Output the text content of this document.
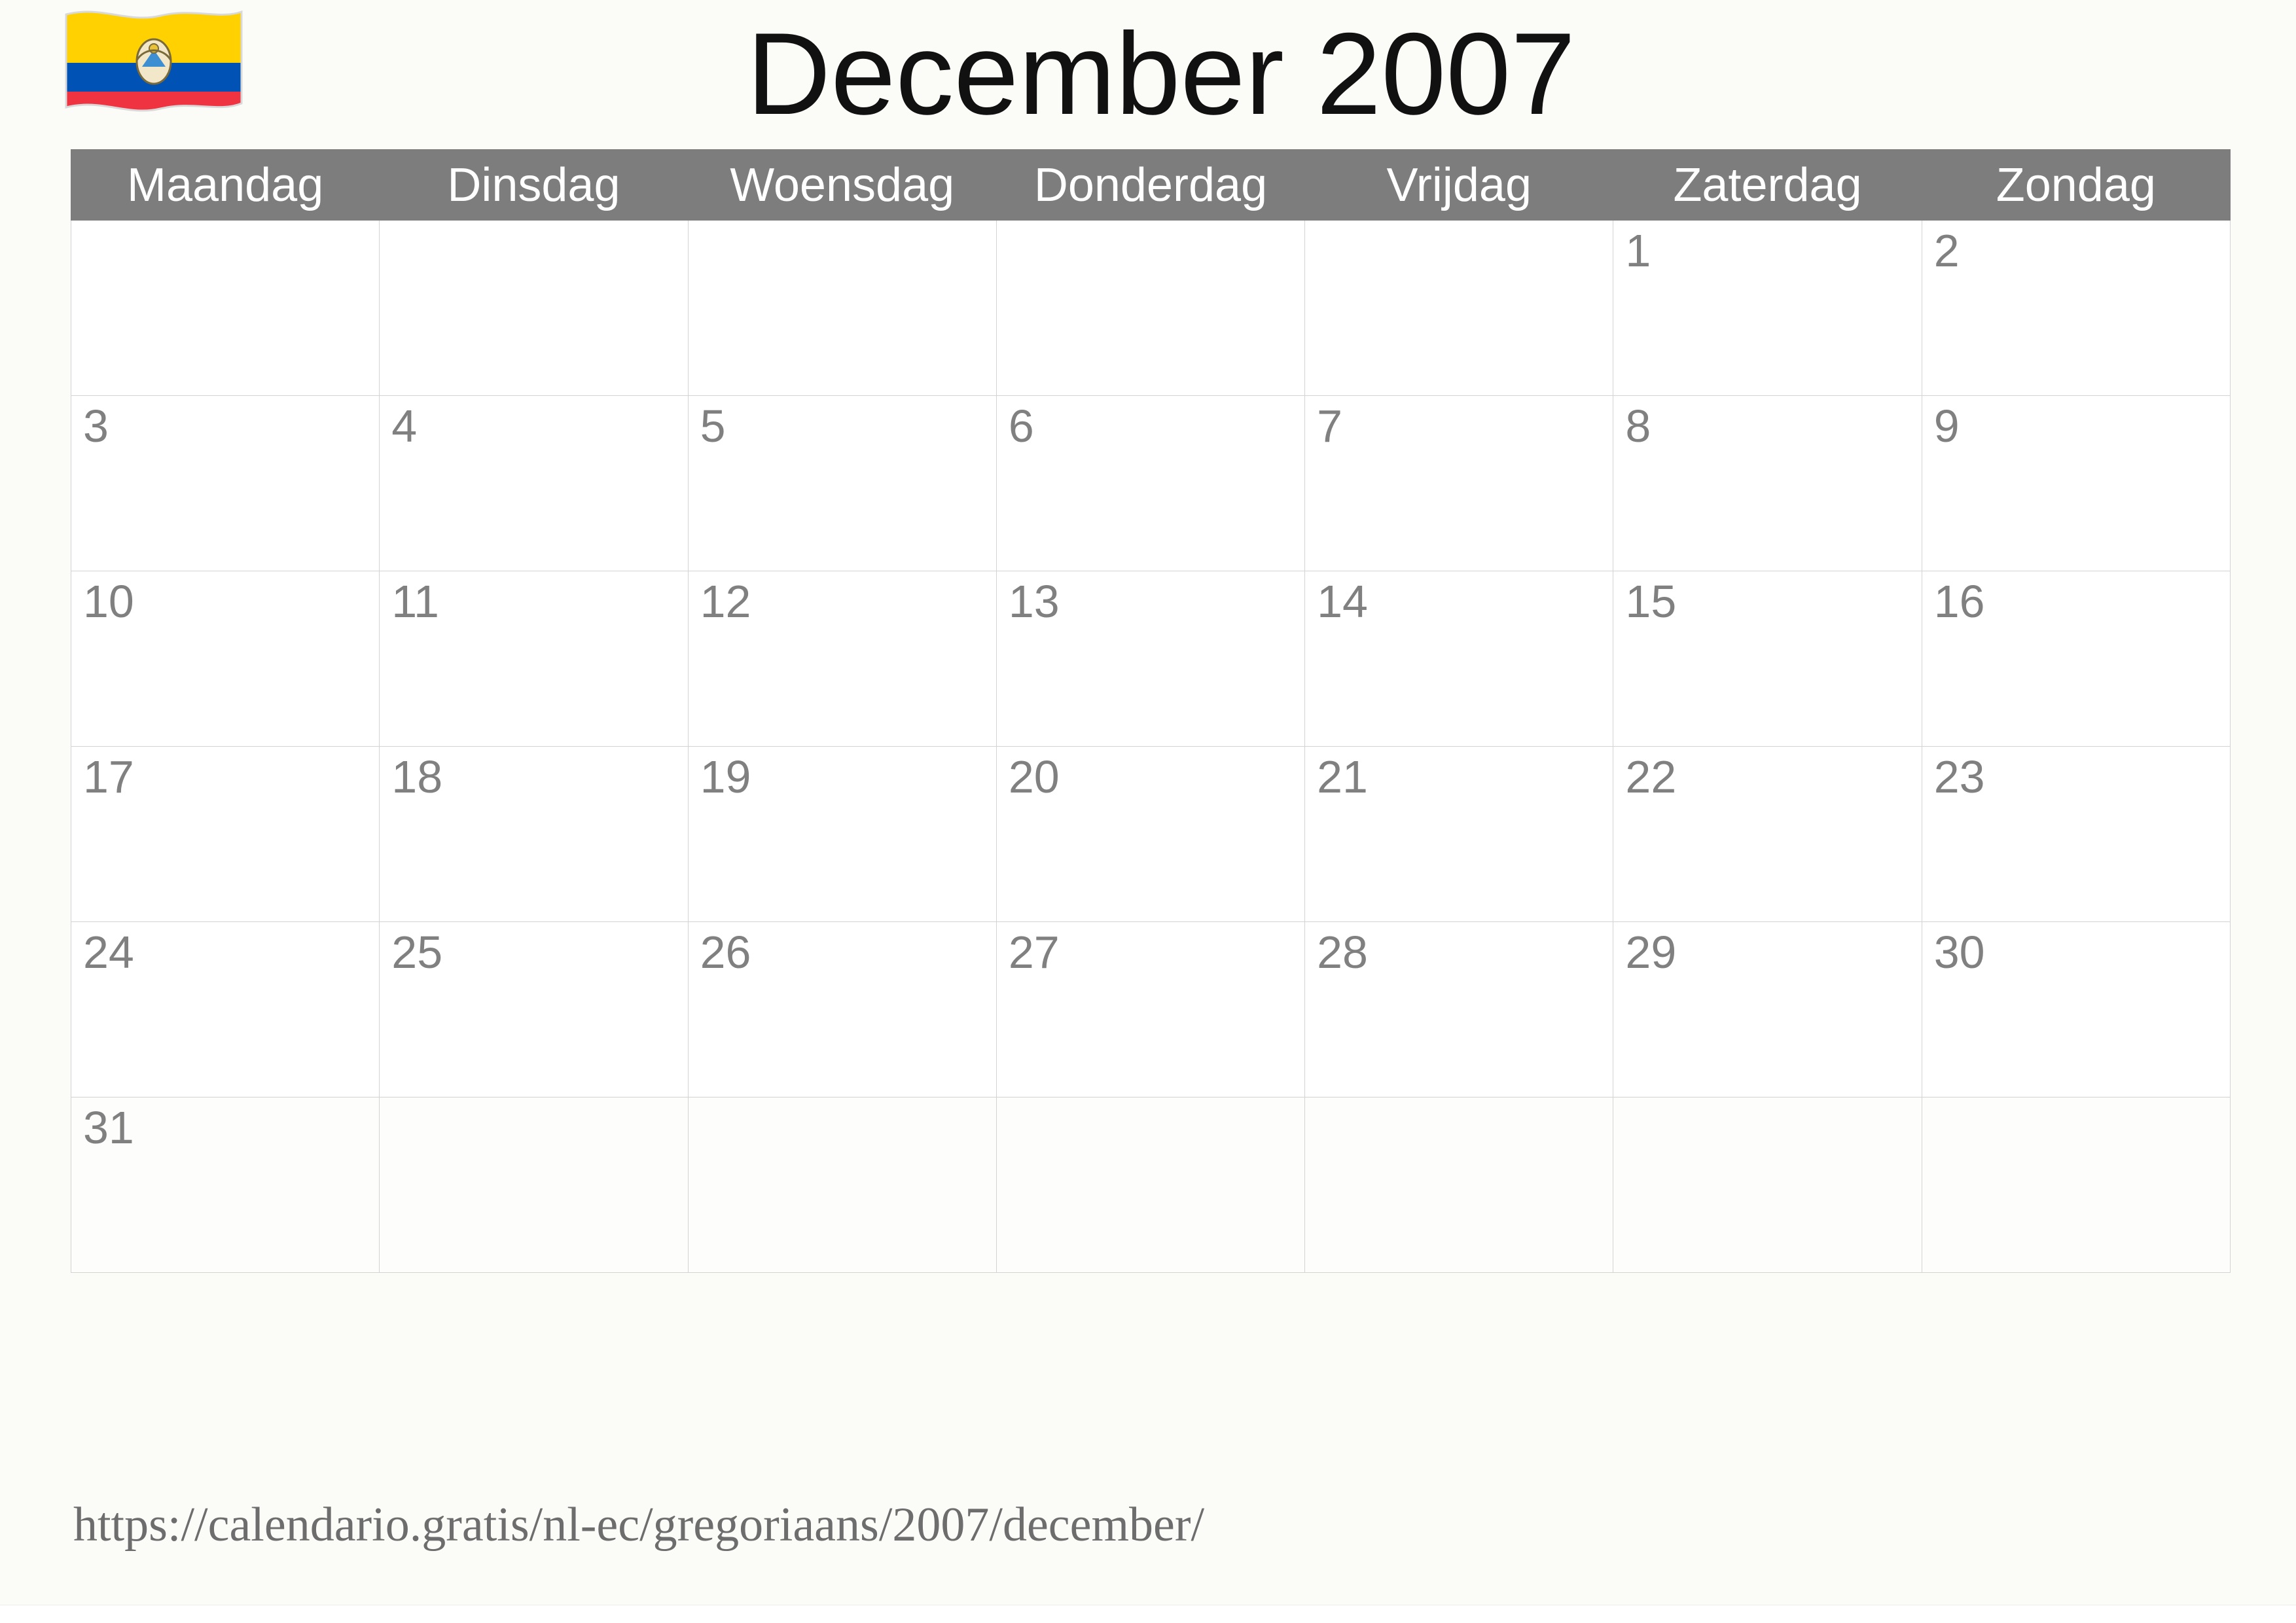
December 2007
Maandag	Dinsdag	Woensdag	Donderdag	Vrijdag	Zaterdag	Zondag

					1	2

3	4	5	6	7	8	9

10	11	12	13	14	15	16

17	18	19	20	21	22	23

24	25	26	27	28	29	30

31						

https://calendario.gratis/nl-ec/gregoriaans/2007/december/
